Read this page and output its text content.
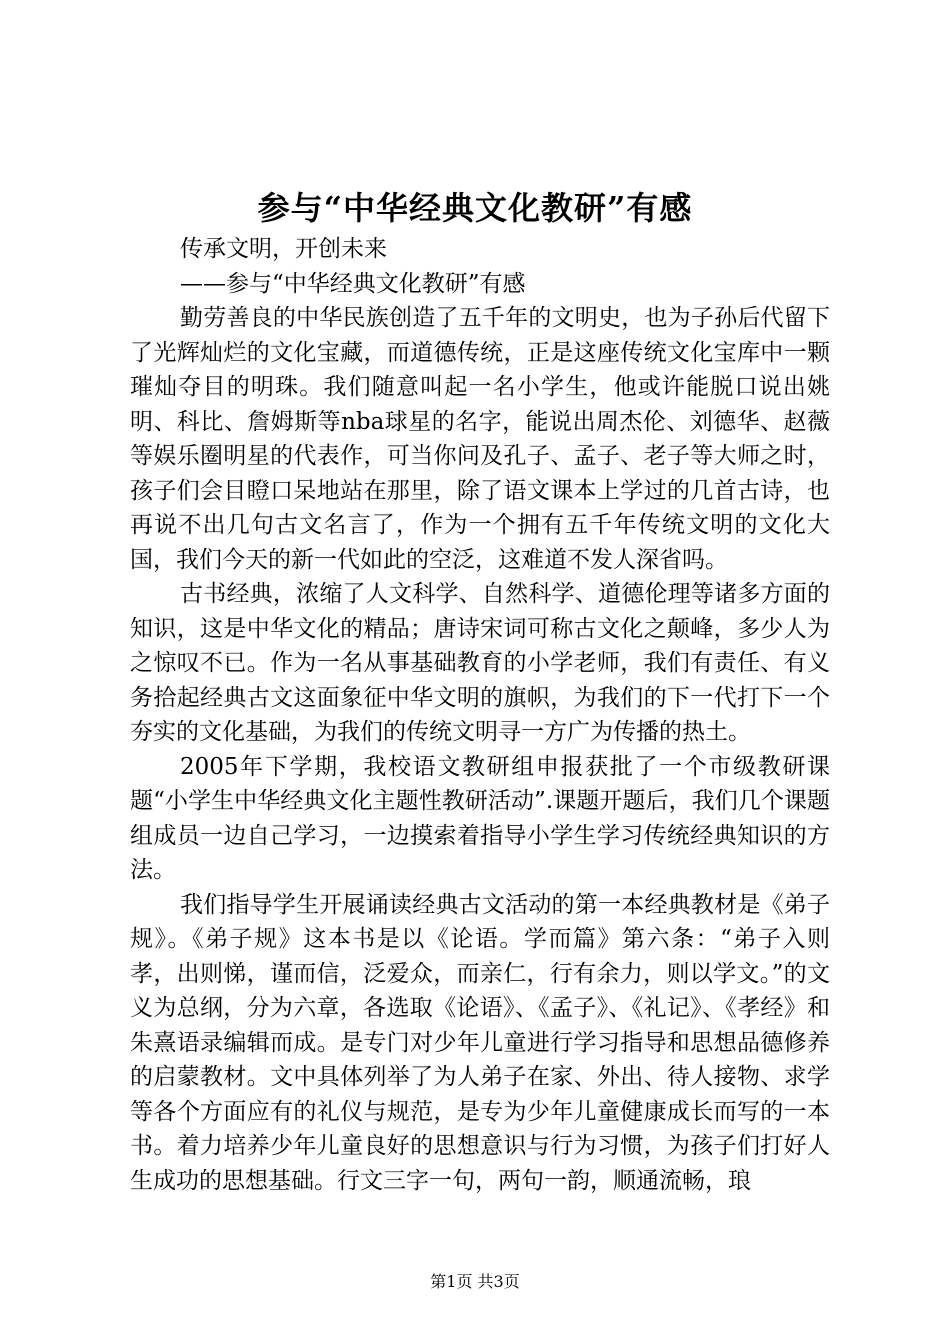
参与“中华经典文化教研”有感

传承文明，开创未来

——参与“中华经典文化教研”有感

勤劳善良的中华民族创造了五千年的文明史，也为子孙后代留下了光辉灿烂的文化宝藏，而道德传统，正是这座传统文化宝库中一颗璀灿夺目的明珠。我们随意叫起一名小学生，他或许能脱口说出姚明、科比、詹姆斯等nba球星的名字，能说出周杰伦、刘德华、赵薇等娱乐圈明星的代表作，可当你问及孔子、孟子、老子等大师之时，孩子们会目瞪口呆地站在那里，除了语文课本上学过的几首古诗，也再说不出几句古文名言了，作为一个拥有五千年传统文明的文化大国，我们今天的新一代如此的空泛，这难道不发人深省吗。

古书经典，浓缩了人文科学、自然科学、道德伦理等诸多方面的知识，这是中华文化的精品；唐诗宋词可称古文化之颠峰，多少人为之惊叹不已。作为一名从事基础教育的小学老师，我们有责任、有义务拾起经典古文这面象征中华文明的旗帜，为我们的下一代打下一个夯实的文化基础，为我们的传统文明寻一方广为传播的热土。

2005年下学期，我校语文教研组申报获批了一个市级教研课题“小学生中华经典文化主题性教研活动”.课题开题后，我们几个课题组成员一边自己学习，一边摸索着指导小学生学习传统经典知识的方法。

我们指导学生开展诵读经典古文活动的第一本经典教材是《弟子规》。《弟子规》这本书是以《论语。学而篇》第六条：“弟子入则孝，出则悌，谨而信，泛爱众，而亲仁，行有余力，则以学文。”的文义为总纲，分为六章，各选取《论语》、《孟子》、《礼记》、《孝经》和朱熹语录编辑而成。是专门对少年儿童进行学习指导和思想品德修养的启蒙教材。文中具体列举了为人弟子在家、外出、待人接物、求学等各个方面应有的礼仪与规范，是专为少年儿童健康成长而写的一本书。着力培养少年儿童良好的思想意识与行为习惯，为孩子们打好人生成功的思想基础。行文三字一句，两句一韵，顺通流畅，琅

第1页 共3页
